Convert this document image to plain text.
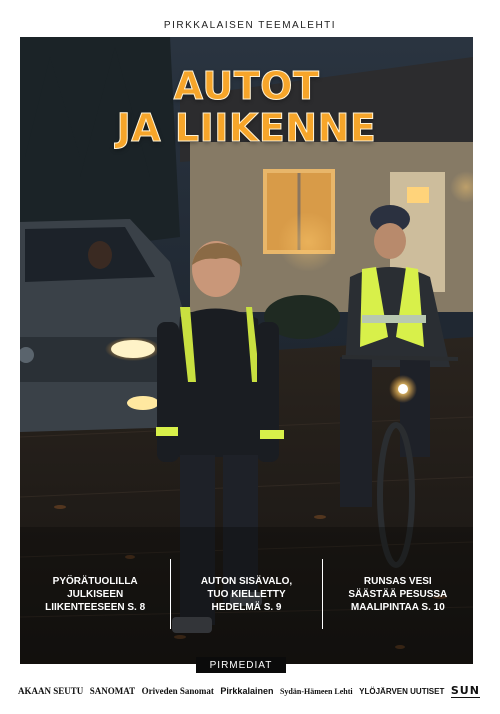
PIRKKALAISEN TEEMALEHTI
AUTOT
JA LIIKENNE
PYÖRÄTUOLILLA
JULKISEEN
LIIKENTEESEEN S. 8
AUTON SISÄVALO,
TUO KIELLETTY
HEDELMÄ S. 9
RUNSAS VESI
SÄÄSTÄÄ PESUSSA
MAALIPINTAA S. 10
PIRMEDIAT
AKAAN SEUTU SANOMAT Oriveden Sanomat Pirkkalainen Sydän-Hämeen Lehti YLÖJÄRVEN UUTISET SUN
